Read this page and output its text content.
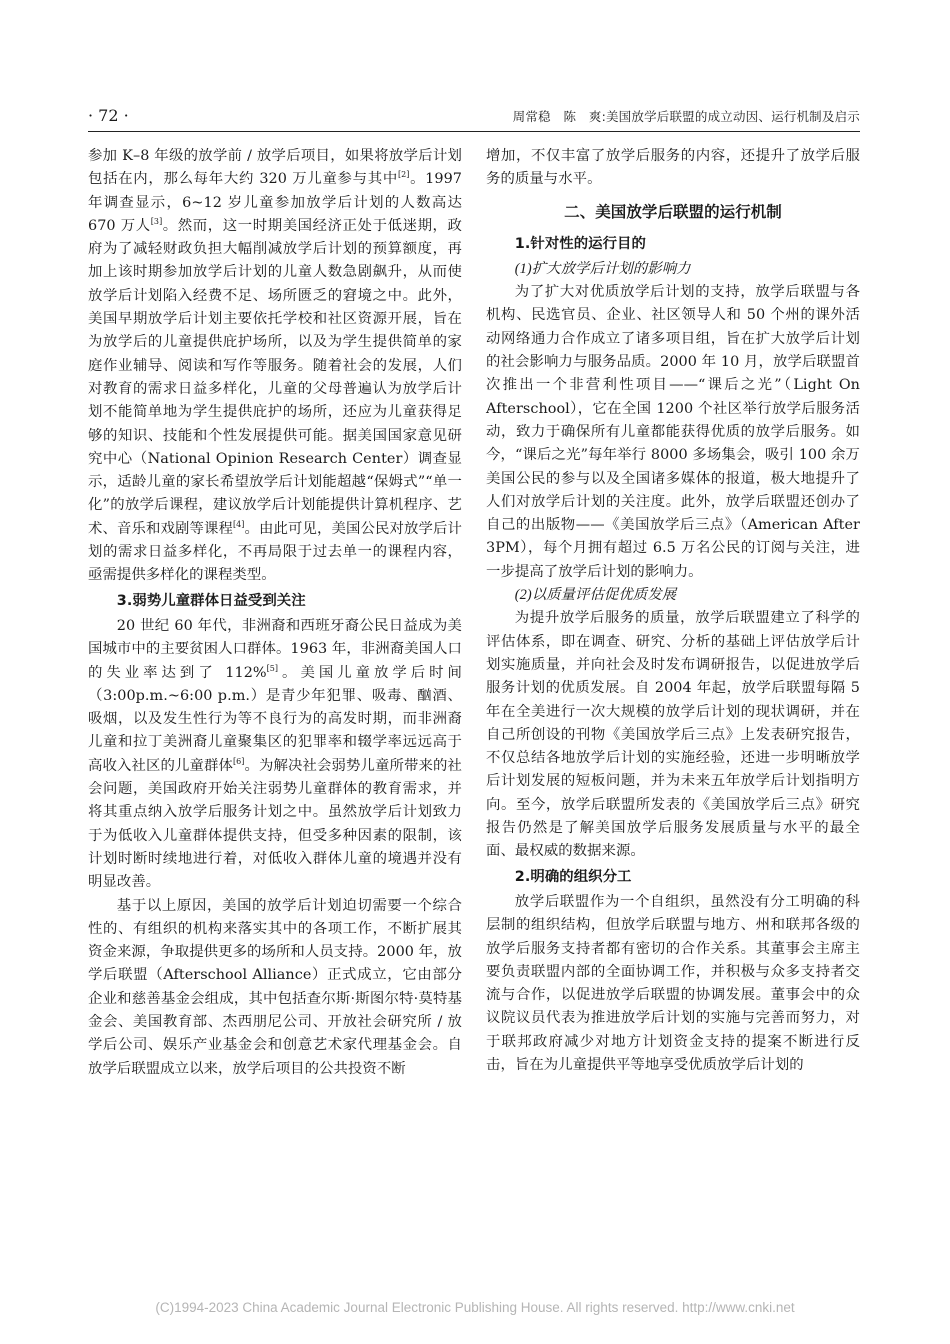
· 72 ·	周常稳　陈　爽:美国放学后联盟的成立动因、运行机制及启示

参加 K–8 年级的放学前 / 放学后项目，如果将放学后计划包括在内，那么每年大约 320 万儿童参与其中[2]。1997 年调查显示，6~12 岁儿童参加放学后计划的人数高达 670 万人[3]。然而，这一时期美国经济正处于低迷期，政府为了减轻财政负担大幅削减放学后计划的预算额度，再加上该时期参加放学后计划的儿童人数急剧飙升，从而使放学后计划陷入经费不足、场所匮乏的窘境之中。此外，美国早期放学后计划主要依托学校和社区资源开展，旨在为放学后的儿童提供庇护场所，以及为学生提供简单的家庭作业辅导、阅读和写作等服务。随着社会的发展，人们对教育的需求日益多样化，儿童的父母普遍认为放学后计划不能简单地为学生提供庇护的场所，还应为儿童获得足够的知识、技能和个性发展提供可能。据美国国家意见研究中心（National Opinion Research Center）调查显示，适龄儿童的家长希望放学后计划能超越“保姆式”“单一化”的放学后课程，建议放学后计划能提供计算机程序、艺术、音乐和戏剧等课程[4]。由此可见，美国公民对放学后计划的需求日益多样化，不再局限于过去单一的课程内容，亟需提供多样化的课程类型。

3.弱势儿童群体日益受到关注

20 世纪 60 年代，非洲裔和西班牙裔公民日益成为美国城市中的主要贫困人口群体。1963 年，非洲裔美国人口的失业率达到了 112%[5]。美国儿童放学后时间（3:00p.m.~6:00 p.m.）是青少年犯罪、吸毒、酗酒、吸烟，以及发生性行为等不良行为的高发时期，而非洲裔儿童和拉丁美洲裔儿童聚集区的犯罪率和辍学率远远高于高收入社区的儿童群体[6]。为解决社会弱势儿童所带来的社会问题，美国政府开始关注弱势儿童群体的教育需求，并将其重点纳入放学后服务计划之中。虽然放学后计划致力于为低收入儿童群体提供支持，但受多种因素的限制，该计划时断时续地进行着，对低收入群体儿童的境遇并没有明显改善。

基于以上原因，美国的放学后计划迫切需要一个综合性的、有组织的机构来落实其中的各项工作，不断扩展其资金来源，争取提供更多的场所和人员支持。2000 年，放学后联盟（Afterschool Alliance）正式成立，它由部分企业和慈善基金会组成，其中包括查尔斯·斯图尔特·莫特基金会、美国教育部、杰西朋尼公司、开放社会研究所 / 放学后公司、娱乐产业基金会和创意艺术家代理基金会。自放学后联盟成立以来，放学后项目的公共投资不断

增加，不仅丰富了放学后服务的内容，还提升了放学后服务的质量与水平。

二、美国放学后联盟的运行机制
1.针对性的运行目的
(1)扩大放学后计划的影响力

为了扩大对优质放学后计划的支持，放学后联盟与各机构、民选官员、企业、社区领导人和 50 个州的课外活动网络通力合作成立了诸多项目组，旨在扩大放学后计划的社会影响力与服务品质。2000 年 10 月，放学后联盟首次推出一个非营利性项目——“课后之光”（Light On Afterschool），它在全国 1200 个社区举行放学后服务活动，致力于确保所有儿童都能获得优质的放学后服务。如今，“课后之光”每年举行 8000 多场集会，吸引 100 余万美国公民的参与以及全国诸多媒体的报道，极大地提升了人们对放学后计划的关注度。此外，放学后联盟还创办了自己的出版物——《美国放学后三点》（American After 3PM），每个月拥有超过 6.5 万名公民的订阅与关注，进一步提高了放学后计划的影响力。

(2)以质量评估促优质发展

为提升放学后服务的质量，放学后联盟建立了科学的评估体系，即在调查、研究、分析的基础上评估放学后计划实施质量，并向社会及时发布调研报告，以促进放学后服务计划的优质发展。自 2004 年起，放学后联盟每隔 5 年在全美进行一次大规模的放学后计划的现状调研，并在自己所创设的刊物《美国放学后三点》上发表研究报告，不仅总结各地放学后计划的实施经验，还进一步明晰放学后计划发展的短板问题，并为未来五年放学后计划指明方向。至今，放学后联盟所发表的《美国放学后三点》研究报告仍然是了解美国放学后服务发展质量与水平的最全面、最权威的数据来源。

2.明确的组织分工

放学后联盟作为一个自组织，虽然没有分工明确的科层制的组织结构，但放学后联盟与地方、州和联邦各级的放学后服务支持者都有密切的合作关系。其董事会主席主要负责联盟内部的全面协调工作，并积极与众多支持者交流与合作，以促进放学后联盟的协调发展。董事会中的众议院议员代表为推进放学后计划的实施与完善而努力，对于联邦政府减少对地方计划资金支持的提案不断进行反击，旨在为儿童提供平等地享受优质放学后计划的

(C)1994-2023 China Academic Journal Electronic Publishing House. All rights reserved. http://www.cnki.net
